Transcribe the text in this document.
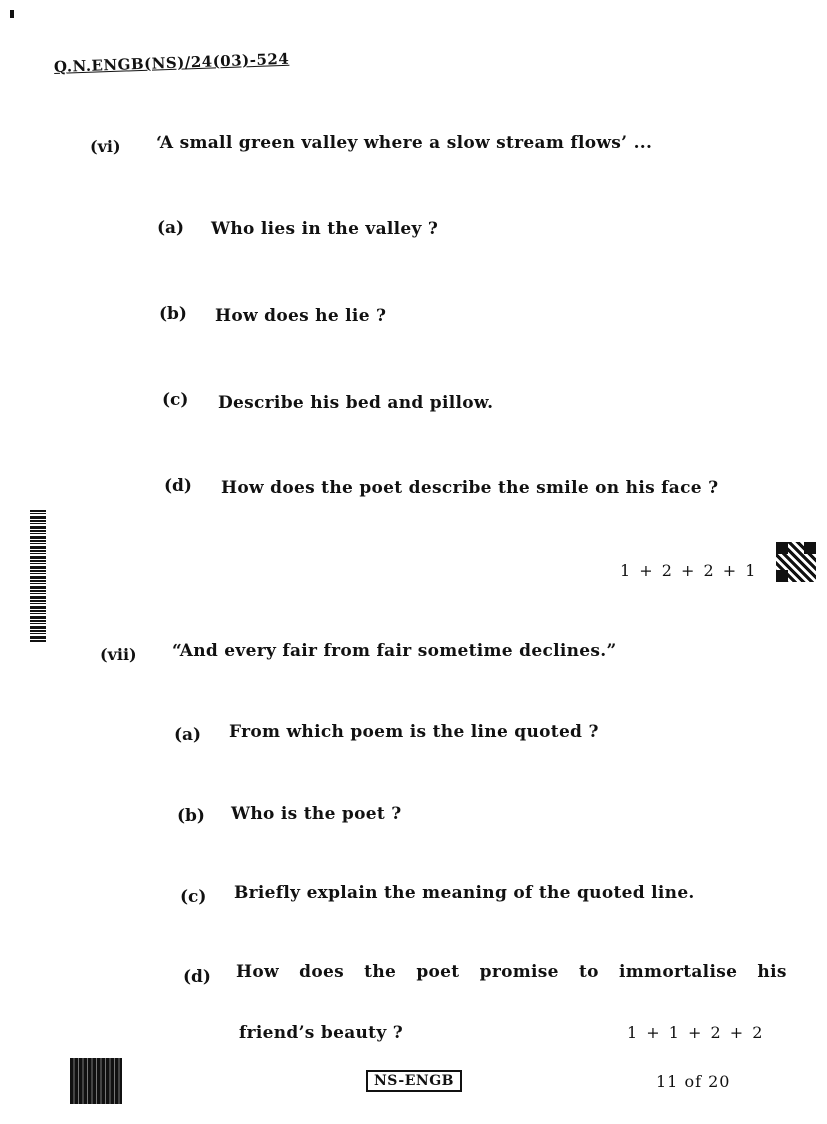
Q.N.ENGB(NS)/24(03)-524
(vi) ‘A small green valley where a slow stream flows’ ...
(a) Who lies in the valley ?
(b) How does he lie ?
(c) Describe his bed and pillow.
(d) How does the poet describe the smile on his face ?
1 + 2 + 2 + 1
(vii) “And every fair from fair sometime declines.”
(a) From which poem is the line quoted ?
(b) Who is the poet ?
(c) Briefly explain the meaning of the quoted line.
(d) How does the poet promise to immortalise his
friend’s beauty ?	1 + 1 + 2 + 2
NS-ENGB	11 of 20
